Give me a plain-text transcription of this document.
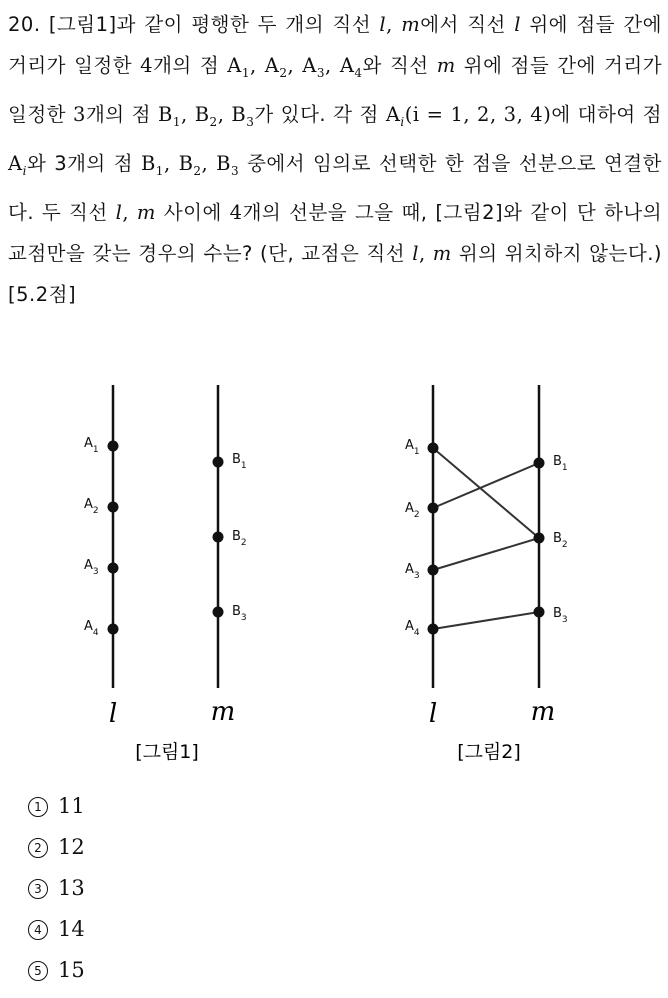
20. [그림1]과 같이 평행한 두 개의 직선 l, m에서 직선 l 위에 점들 간에 거리가 일정한 4개의 점 $A_1$, $A_2$, $A_3$, $A_4$와 직선 m 위에 점들 간에 거리가 일정한 3개의 점 $B_1$, $B_2$, $B_3$가 있다. 각 점 $A_i(i = 1$, 2, 3, 4)에 대하여 점 $A_i$와 3개의 점 $B_1$, $B_2$, $B_3$ 중에서 임의로 선택한 한 점을 선분으로 연결한다. 두 직선 l, m 사이에 4개의 선분을 그을 때, [그림2]와 같이 단 하나의 교점만을 갖는 경우의 수는? (단, 교점은 직선 l, m 위의 위치하지 않는다.) [5.2점]
$A_1$
$A_2$
$A_3$
$A_4$
$B_1$
$B_2$
$B_3$
l	m
[그림1]
$A_1$
$A_2$
$A_3$
$A_4$
$B_1$
$B_2$
$B_3$
l	m
[그림2]
1 11
2 12
3 13
4 14
5 15
